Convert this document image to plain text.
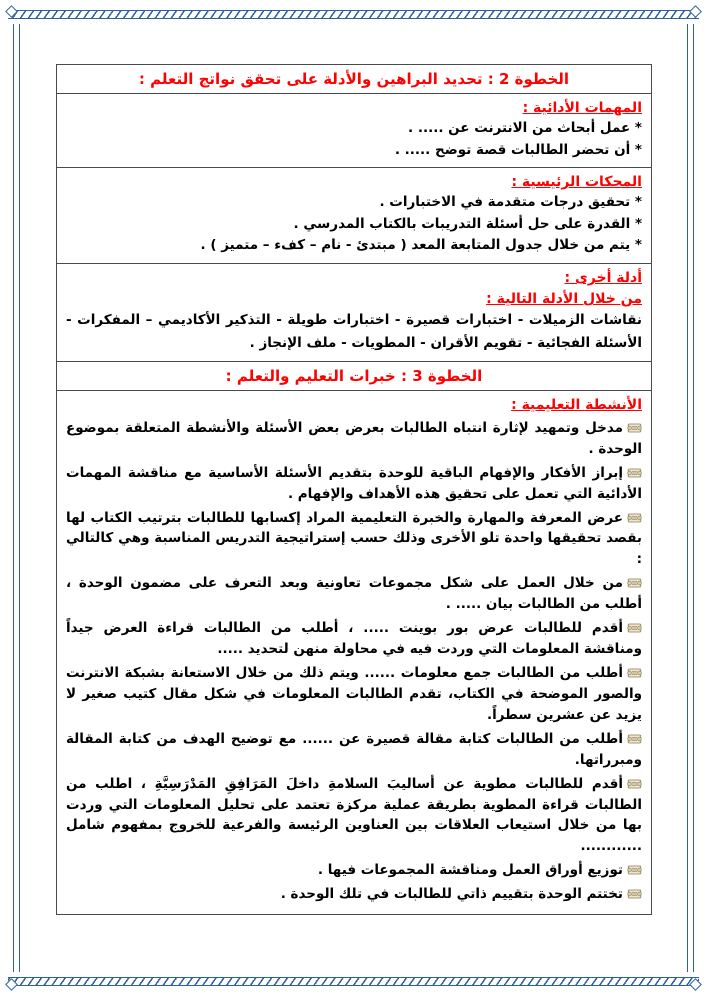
الخطوة 2 : تحديد البراهين والأدلة على تحقق نواتج التعلم :
المهمات الأدائية :
* عمل أبحاث من الانترنت عن ..... .
* أن تحضر الطالبات قصة توضح ..... .
المحكات الرئيسية :
* تحقيق درجات متقدمة في الاختبارات .
* القدرة على حل أسئلة التدريبات بالكتاب المدرسي .
* يتم من خلال جدول المتابعة المعد ( مبتدئ - نام – كفء – متميز ) .
أدلة أخرى :
من خلال الأدلة التالية :
نقاشات الزميلات - اختبارات قصيرة - اختبارات طويلة - التذكير الأكاديمي – المفكرات - الأسئلة الفجائية - تقويم الأقران - المطويات - ملف الإنجاز .
الخطوة 3 : خبرات التعليم والتعلم :
الأنشطة التعليمية :
مدخل وتمهيد لإثارة انتباه الطالبات بعرض بعض الأسئلة والأنشطة المتعلقة بموضوع الوحدة .
إبراز الأفكار والإفهام الباقية للوحدة بتقديم الأسئلة الأساسية مع مناقشة المهمات الأدائية التي تعمل على تحقيق هذه الأهداف والإفهام .
عرض المعرفة والمهارة والخبرة التعليمية المراد إكسابها للطالبات بترتيب الكتاب لها بقصد تحقيقها واحدة تلو الأخرى وذلك حسب إستراتيجية التدريس المناسبة وهي كالتالي :
من خلال العمل على شكل مجموعات تعاونية وبعد التعرف على مضمون الوحدة ، أطلب من الطالبات بيان ..... .
أقدم للطالبات عرض بور بوينت ..... ، أطلب من الطالبات قراءة العرض جيداً ومناقشة المعلومات التي وردت فيه في محاولة منهن لتحديد .....
أطلب من الطالبات جمع معلومات ...... ويتم ذلك من خلال الاستعانة بشبكة الانترنت والصور الموضحة في الكتاب، تقدم الطالبات المعلومات في شكل مقال كتيب صغير لا يزيد عن عشرين سطراً.
أطلب من الطالبات كتابة مقالة قصيرة عن ...... مع توضيح الهدف من كتابة المقالة ومبرراتها.
أقدم للطالبات مطوية عن أساليبَ السلامةِ داخلَ المَرَافِقِ المَدْرَسِيَّةِ ، اطلب من الطالبات قراءة المطوية بطريقة عملية مركزة تعتمد على تحليل المعلومات التي وردت بها من خلال استيعاب العلاقات بين العناوين الرئيسة والفرعية للخروج بمفهوم شامل ............
توزيع أوراق العمل ومناقشة المجموعات فيها .
تختتم الوحدة بتقييم ذاتي للطالبات في تلك الوحدة .
